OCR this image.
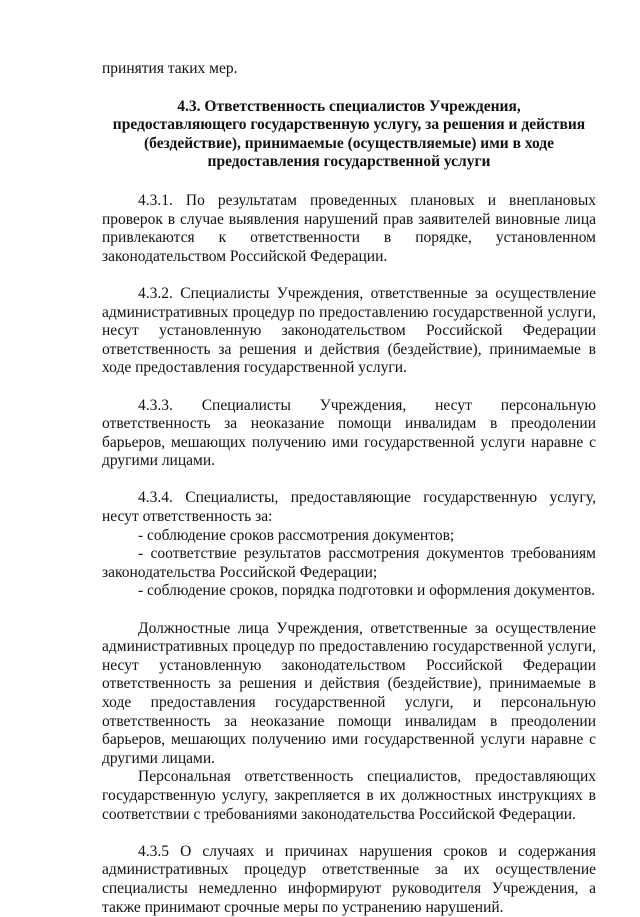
принятия таких мер.

4.3. Ответственность специалистов Учреждения,
предоставляющего государственную услугу, за решения и действия
(бездействие), принимаемые (осуществляемые) ими в ходе
предоставления государственной услуги

4.3.1. По результатам проведенных плановых и внеплановых проверок в случае выявления нарушений прав заявителей виновные лица привлекаются к ответственности в порядке, установленном законодательством Российской Федерации.

4.3.2. Специалисты Учреждения, ответственные за осуществление административных процедур по предоставлению государственной услуги, несут установленную законодательством Российской Федерации ответственность за решения и действия (бездействие), принимаемые в ходе предоставления государственной услуги.

4.3.3. Специалисты Учреждения, несут персональную ответственность за неоказание помощи инвалидам в преодолении барьеров, мешающих получению ими государственной услуги наравне с другими лицами.

4.3.4. Специалисты, предоставляющие государственную услугу, несут ответственность за:

- соблюдение сроков рассмотрения документов;

- соответствие результатов рассмотрения документов требованиям законодательства Российской Федерации;

- соблюдение сроков, порядка подготовки и оформления документов.

Должностные лица Учреждения, ответственные за осуществление административных процедур по предоставлению государственной услуги, несут установленную законодательством Российской Федерации ответственность за решения и действия (бездействие), принимаемые в ходе предоставления государственной услуги, и персональную ответственность за неоказание помощи инвалидам в преодолении барьеров, мешающих получению ими государственной услуги наравне с другими лицами.

Персональная ответственность специалистов, предоставляющих государственную услугу, закрепляется в их должностных инструкциях в соответствии с требованиями законодательства Российской Федерации.

4.3.5 О случаях и причинах нарушения сроков и содержания административных процедур ответственные за их осуществление специалисты немедленно информируют руководителя Учреждения, а также принимают срочные меры по устранению нарушений.
